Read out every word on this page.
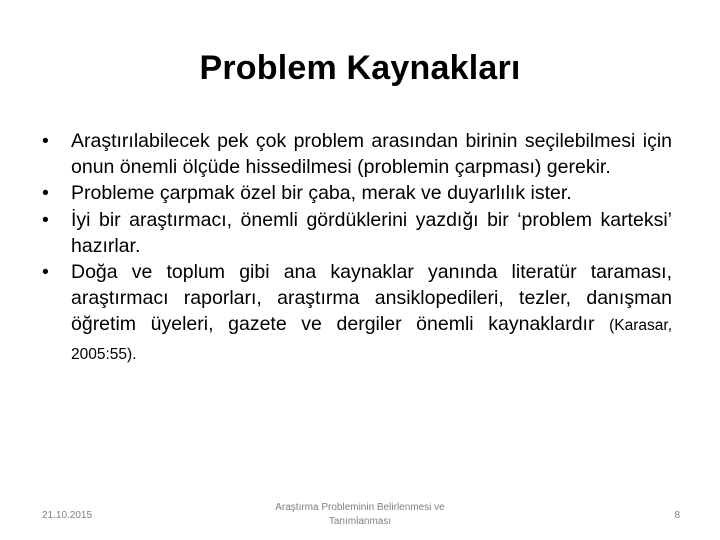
Problem Kaynakları
•	Araştırılabilecek pek çok problem arasından birinin seçilebilmesi için onun önemli ölçüde hissedilmesi (problemin çarpması) gerekir.
•	Probleme çarpmak özel bir çaba, merak ve duyarlılık ister.
•	İyi bir araştırmacı, önemli gördüklerini yazdığı bir ‘problem karteksi’ hazırlar.
•	Doğa ve toplum gibi ana kaynaklar yanında literatür taraması, araştırmacı raporları, araştırma ansiklopedileri, tezler, danışman öğretim üyeleri, gazete ve dergiler önemli kaynaklardır (Karasar, 2005:55).
21.10.2015
Araştırma Probleminin Belirlenmesi ve
Tanımlanması
8
